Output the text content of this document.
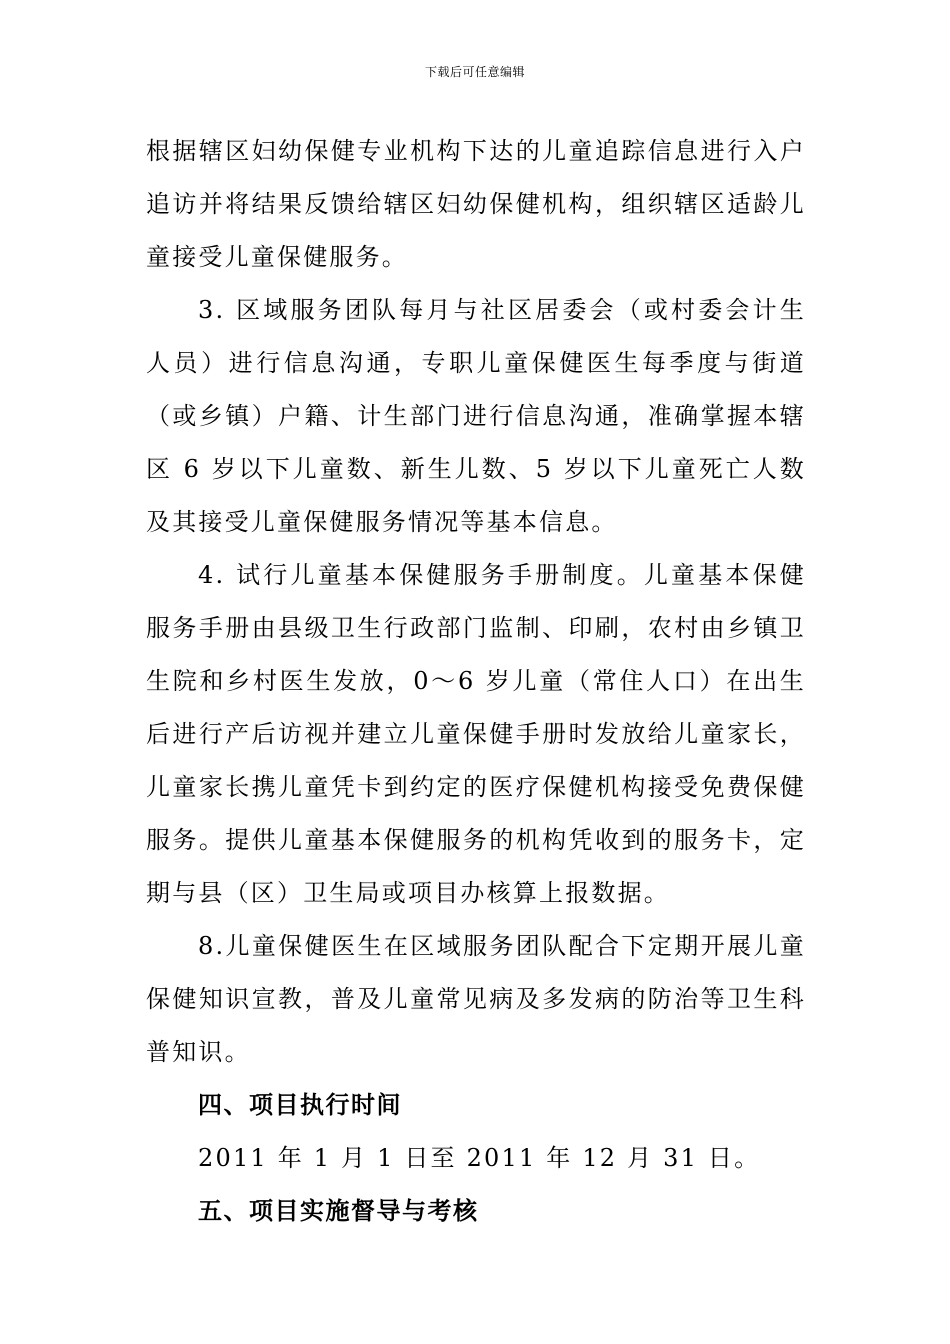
下载后可任意编辑

根据辖区妇幼保健专业机构下达的儿童追踪信息进行入户追访并将结果反馈给辖区妇幼保健机构，组织辖区适龄儿童接受儿童保健服务。

3. 区域服务团队每月与社区居委会（或村委会计生人员）进行信息沟通，专职儿童保健医生每季度与街道（或乡镇）户籍、计生部门进行信息沟通，准确掌握本辖区 6 岁以下儿童数、新生儿数、5 岁以下儿童死亡人数及其接受儿童保健服务情况等基本信息。

4. 试行儿童基本保健服务手册制度。儿童基本保健服务手册由县级卫生行政部门监制、印刷，农村由乡镇卫生院和乡村医生发放，0～6 岁儿童（常住人口）在出生后进行产后访视并建立儿童保健手册时发放给儿童家长，儿童家长携儿童凭卡到约定的医疗保健机构接受免费保健服务。提供儿童基本保健服务的机构凭收到的服务卡，定期与县（区）卫生局或项目办核算上报数据。

8.儿童保健医生在区域服务团队配合下定期开展儿童保健知识宣教，普及儿童常见病及多发病的防治等卫生科普知识。

四、项目执行时间

2011 年 1 月 1 日至 2011 年 12 月 31 日。

五、项目实施督导与考核
